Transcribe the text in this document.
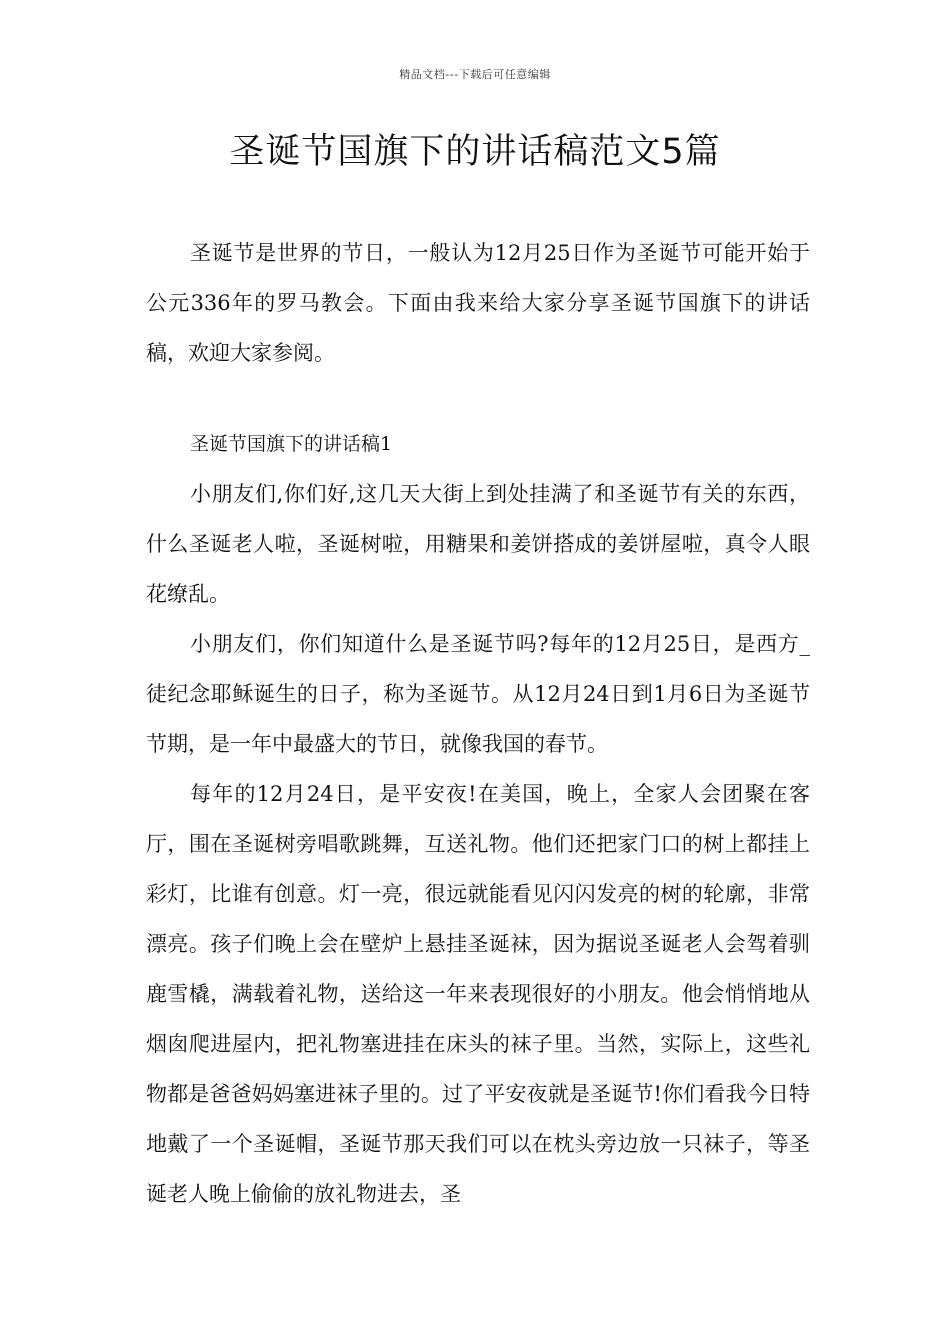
精品文档---下载后可任意编辑
圣诞节国旗下的讲话稿范文5篇

圣诞节是世界的节日，一般认为12月25日作为圣诞节可能开始于公元336年的罗马教会。下面由我来给大家分享圣诞节国旗下的讲话稿，欢迎大家参阅。

圣诞节国旗下的讲话稿1

小朋友们,你们好,这几天大街上到处挂满了和圣诞节有关的东西，什么圣诞老人啦，圣诞树啦，用糖果和姜饼搭成的姜饼屋啦，真令人眼花缭乱。

小朋友们，你们知道什么是圣诞节吗?每年的12月25日，是西方_徒纪念耶稣诞生的日子，称为圣诞节。从12月24日到1月6日为圣诞节节期，是一年中最盛大的节日，就像我国的春节。

每年的12月24日，是平安夜!在美国，晚上，全家人会团聚在客厅，围在圣诞树旁唱歌跳舞，互送礼物。他们还把家门口的树上都挂上彩灯，比谁有创意。灯一亮，很远就能看见闪闪发亮的树的轮廓，非常漂亮。孩子们晚上会在壁炉上悬挂圣诞袜，因为据说圣诞老人会驾着驯鹿雪橇，满载着礼物，送给这一年来表现很好的小朋友。他会悄悄地从烟囱爬进屋内，把礼物塞进挂在床头的袜子里。当然，实际上，这些礼物都是爸爸妈妈塞进袜子里的。过了平安夜就是圣诞节!你们看我今日特地戴了一个圣诞帽，圣诞节那天我们可以在枕头旁边放一只袜子，等圣诞老人晚上偷偷的放礼物进去，圣
